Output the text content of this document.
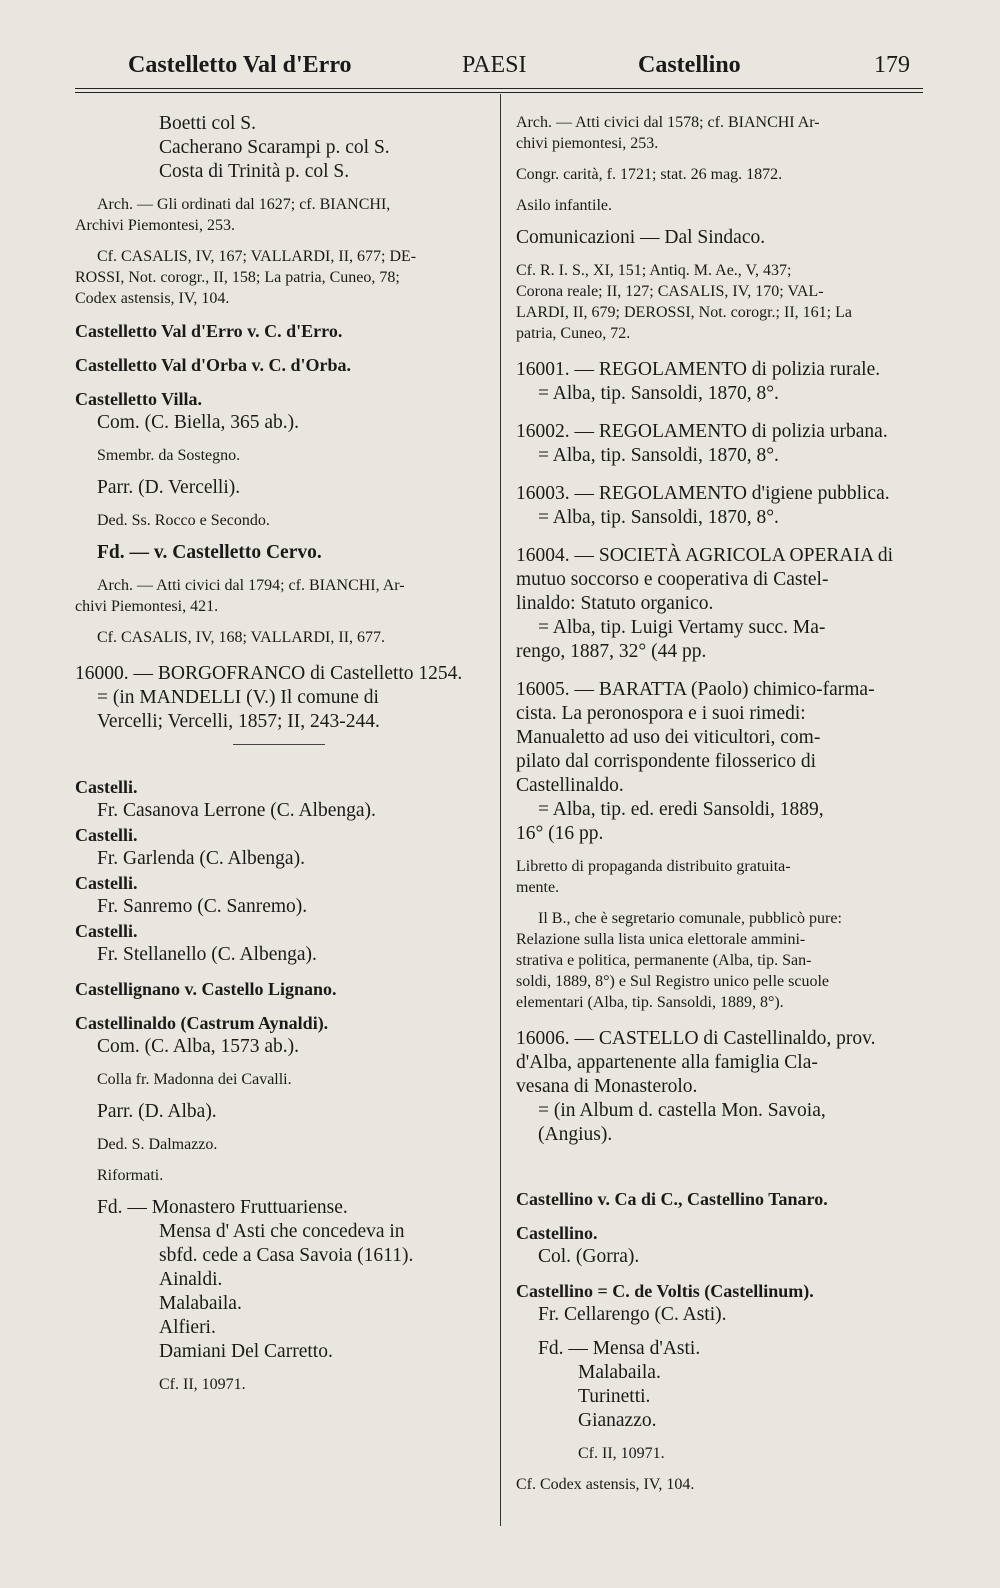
Castelletto Val d'Erro	PAESI	Castellino	179
Boetti col S.
Cacherano Scarampi p. col S.
Costa di Trinità p. col S.
Arch. — Gli ordinati dal 1627; cf. BIANCHI,
Archivi Piemontesi, 253.
Cf. CASALIS, IV, 167; VALLARDI, II, 677; DE-
ROSSI, Not. corogr., II, 158; La patria, Cuneo, 78;
Codex astensis, IV, 104.
Castelletto Val d'Erro v. C. d'Erro.
Castelletto Val d'Orba v. C. d'Orba.
Castelletto Villa.
Com. (C. Biella, 365 ab.).
Smembr. da Sostegno.
Parr. (D. Vercelli).
Ded. Ss. Rocco e Secondo.
Fd. — v. Castelletto Cervo.
Arch. — Atti civici dal 1794; cf. BIANCHI, Ar-
chivi Piemontesi, 421.
Cf. CASALIS, IV, 168; VALLARDI, II, 677.
16000. — BORGOFRANCO di Castelletto 1254.
= (in MANDELLI (V.) Il comune di
Vercelli; Vercelli, 1857; II, 243-244.
Castelli.
Fr. Casanova Lerrone (C. Albenga).
Castelli.
Fr. Garlenda (C. Albenga).
Castelli.
Fr. Sanremo (C. Sanremo).
Castelli.
Fr. Stellanello (C. Albenga).
Castellignano v. Castello Lignano.
Castellinaldo (Castrum Aynaldi).
Com. (C. Alba, 1573 ab.).
Colla fr. Madonna dei Cavalli.
Parr. (D. Alba).
Ded. S. Dalmazzo.
Riformati.
Fd. — Monastero Fruttuariense.
Mensa d' Asti che concedeva in
sbfd. cede a Casa Savoia (1611).
Ainaldi.
Malabaila.
Alfieri.
Damiani Del Carretto.
Cf. II, 10971.
Arch. — Atti civici dal 1578; cf. BIANCHI Ar-
chivi piemontesi, 253.
Congr. carità, f. 1721; stat. 26 mag. 1872.
Asilo infantile.
Comunicazioni — Dal Sindaco.
Cf. R. I. S., XI, 151; Antiq. M. Ae., V, 437;
Corona reale; II, 127; CASALIS, IV, 170; VAL-
LARDI, II, 679; DEROSSI, Not. corogr.; II, 161; La
patria, Cuneo, 72.
16001. — REGOLAMENTO di polizia rurale.
= Alba, tip. Sansoldi, 1870, 8°.
16002. — REGOLAMENTO di polizia urbana.
= Alba, tip. Sansoldi, 1870, 8°.
16003. — REGOLAMENTO d'igiene pubblica.
= Alba, tip. Sansoldi, 1870, 8°.
16004. — SOCIETÀ AGRICOLA OPERAIA di
mutuo soccorso e cooperativa di Castel-
linaldo: Statuto organico.
= Alba, tip. Luigi Vertamy succ. Ma-
rengo, 1887, 32° (44 pp.
16005. — BARATTA (Paolo) chimico-farma-
cista. La peronospora e i suoi rimedi:
Manualetto ad uso dei viticultori, com-
pilato dal corrispondente filosserico di
Castellinaldo.
= Alba, tip. ed. eredi Sansoldi, 1889,
16° (16 pp.
Libretto di propaganda distribuito gratuita-
mente.
Il B., che è segretario comunale, pubblicò pure:
Relazione sulla lista unica elettorale ammini-
strativa e politica, permanente (Alba, tip. San-
soldi, 1889, 8°) e Sul Registro unico pelle scuole
elementari (Alba, tip. Sansoldi, 1889, 8°).
16006. — CASTELLO di Castellinaldo, prov.
d'Alba, appartenente alla famiglia Cla-
vesana di Monasterolo.
= (in Album d. castella Mon. Savoia,
(Angius).
Castellino v. Ca di C., Castellino Tanaro.
Castellino.
Col. (Gorra).
Castellino = C. de Voltis (Castellinum).
Fr. Cellarengo (C. Asti).
Fd. — Mensa d'Asti.
Malabaila.
Turinetti.
Gianazzo.
Cf. II, 10971.
Cf. Codex astensis, IV, 104.
